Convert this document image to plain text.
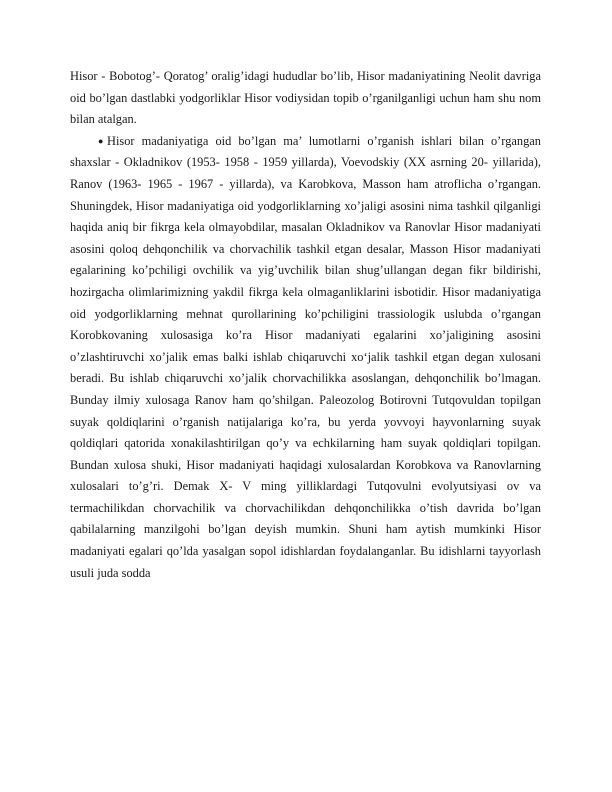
Hisor - Bobotog’- Qoratog’ oralig’idagi hududlar bo’lib, Hisor madaniyatining Neolit davriga oid bo’lgan dastlabki yodgorliklar Hisor vodiysidan topib o’rganilganligi uchun ham shu nom bilan atalgan.

● Hisor madaniyatiga oid bo’lgan ma’ lumotlarni o’rganish ishlari bilan o’rgangan shaxslar - Okladnikov (1953- 1958 - 1959 yillarda), Voevodskiy (XX asrning 20- yillarida), Ranov (1963- 1965 - 1967 - yillarda), va Karobkova, Masson ham atroflicha o’rgangan. Shuningdek, Hisor madaniyatiga oid yodgorliklarning xo’jaligi asosini nima tashkil qilganligi haqida aniq bir fikrga kela olmayobdilar, masalan Okladnikov va Ranovlar Hisor madaniyati asosini qoloq dehqonchilik va chorvachilik tashkil etgan desalar, Masson Hisor madaniyati egalarining ko’pchiligi ovchilik va yig’uvchilik bilan shug’ullangan degan fikr bildirishi, hozirgacha olimlarimizning yakdil fikrga kela olmaganliklarini isbotidir. Hisor madaniyatiga oid yodgorliklarning mehnat qurollarining ko’pchiligini trassiologik uslubda o’rgangan Korobkovaning xulosasiga ko’ra Hisor madaniyati egalarini xo’jaligining asosini o’zlashtiruvchi xo’jalik emas balki ishlab chiqaruvchi xo‘jalik tashkil etgan degan xulosani beradi. Bu ishlab chiqaruvchi xo’jalik chorvachilikka asoslangan, dehqonchilik bo’lmagan. Bunday ilmiy xulosaga Ranov ham qo’shilgan. Paleozolog Botirovni Tutqovuldan topilgan suyak qoldiqlarini o’rganish natijalariga ko’ra, bu yerda yovvoyi hayvonlarning suyak qoldiqlari qatorida xonakilashtirilgan qo’y va echkilarning ham suyak qoldiqlari topilgan. Bundan xulosa shuki, Hisor madaniyati haqidagi xulosalardan Korobkova va Ranovlarning xulosalari to’g’ri. Demak X- V ming yilliklardagi Tutqovulni evolyutsiyasi ov va termachilikdan chorvachilik va chorvachilikdan dehqonchilikka o’tish davrida bo’lgan qabilalarning manzilgohi bo’lgan deyish mumkin. Shuni ham aytish mumkinki Hisor madaniyati egalari qo’lda yasalgan sopol idishlardan foydalanganlar. Bu idishlarni tayyorlash usuli juda sodda
